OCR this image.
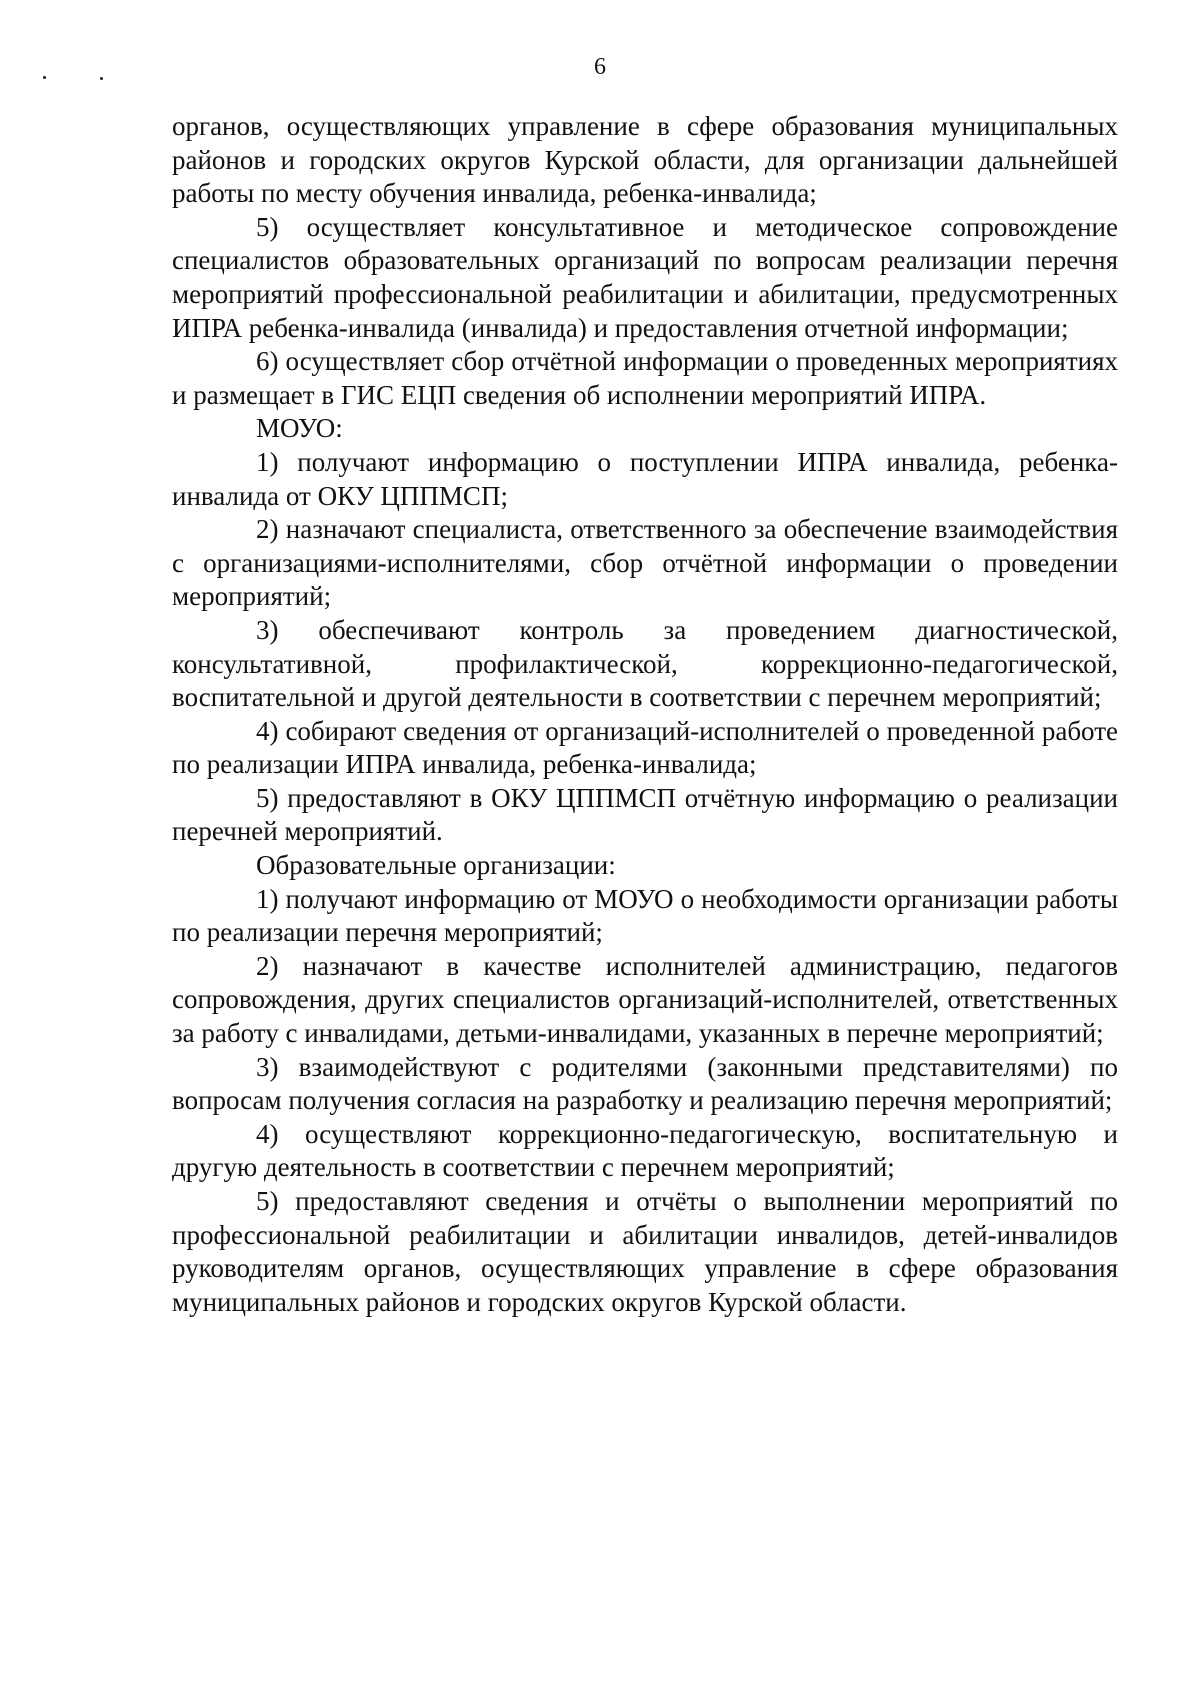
6

органов, осуществляющих управление в сфере образования муниципальных районов и городских округов Курской области, для организации дальнейшей работы по месту обучения инвалида, ребенка-инвалида;

5) осуществляет консультативное и методическое сопровождение специалистов образовательных организаций по вопросам реализации перечня мероприятий профессиональной реабилитации и абилитации, предусмотренных ИПРА ребенка-инвалида (инвалида) и предоставления отчетной информации;

6) осуществляет сбор отчётной информации о проведенных мероприятиях и размещает в ГИС ЕЦП сведения об исполнении мероприятий ИПРА.

МОУО:

1) получают информацию о поступлении ИПРА инвалида, ребенка-инвалида от ОКУ ЦППМСП;

2) назначают специалиста, ответственного за обеспечение взаимодействия с организациями-исполнителями, сбор отчётной информации о проведении мероприятий;

3) обеспечивают контроль за проведением диагностической, консультативной, профилактической, коррекционно-педагогической, воспитательной и другой деятельности в соответствии с перечнем мероприятий;

4) собирают сведения от организаций-исполнителей о проведенной работе по реализации ИПРА инвалида, ребенка-инвалида;

5) предоставляют в ОКУ ЦППМСП отчётную информацию о реализации перечней мероприятий.

Образовательные организации:

1) получают информацию от МОУО о необходимости организации работы по реализации перечня мероприятий;

2) назначают в качестве исполнителей администрацию, педагогов сопровождения, других специалистов организаций-исполнителей, ответственных за работу с инвалидами, детьми-инвалидами, указанных в перечне мероприятий;

3) взаимодействуют с родителями (законными представителями) по вопросам получения согласия на разработку и реализацию перечня мероприятий;

4) осуществляют коррекционно-педагогическую, воспитательную и другую деятельность в соответствии с перечнем мероприятий;

5) предоставляют сведения и отчёты о выполнении мероприятий по профессиональной реабилитации и абилитации инвалидов, детей-инвалидов руководителям органов, осуществляющих управление в сфере образования муниципальных районов и городских округов Курской области.
